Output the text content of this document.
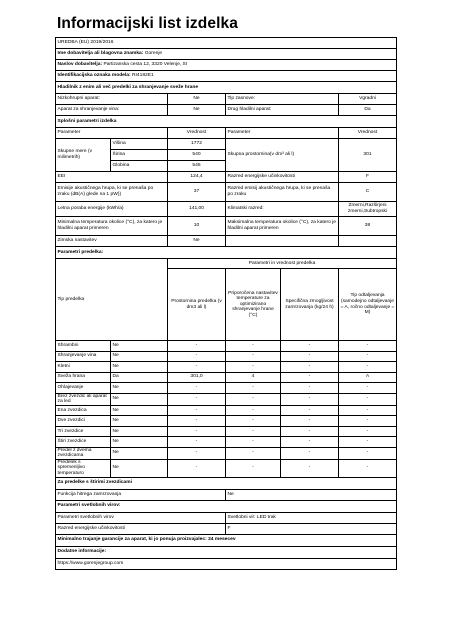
Informacijski list izdelka
UREDBA (EU) 2019/2016					
Ime dobavitelja ali blagovna znamka: Gorenje					
Naslov dobavitelja: Partizanska cesta 12, 3320 Velenje, SI					
Identifikacijska oznaka modela: RI4182E1					
Hladilnik z enim ali več predelki za shranjevanje sveže hrane					
Nizkohrupni aparat:		Ne	Tip zasnove:		Vgradni
Aparat za shranjevanje vina:		Ne	Drug hladilni aparat:		Da
Splošni parametri izdelka					
Parameter		Vrednost	Parameter		Vrednost
Skupne mere (v milimetrih)	Višina	1772	Skupna prostornina(v dm³ ali l)		301
	Širina	540			
	Globina	545			
EEI		124,4	Razred energijske učinkovitosti		F
Emisije akustičnega hrupa, ki se prenaša po zraku (dB(A) glede na 1 pW))		37	Razred emisij akustičnega hrupa, ki se prenaša po zraku		C
Letna poraba energije (kWh/a)		141,00	Klimatski razred:		Zmerni,Razširjeni zmerni,Subtropski
Minimalna temperatura okolice (°C), za katero je hladilni aparat primeren		10	Maksimalna temperatura okolice (°C), za katero je hladilni aparat primeren		38
Zimska nastavitev		Ne			
Parametri predelka:					
Tip predelka		Parametri in vrednost predelka			
		Prostornina predelka (v dm3 ali l)	Priporočena nastavitev temperature za optimizirano shranjevanje hrane (°C)	Specifična zmogljivost zamrzovanja (kg/24 h)	Tip odtaljevanja (samodejno odtaljevanje = A, ročno odtaljevanje = M)
Shrambni	Ne	-	-	-	-
Shranjevanje vina	Ne	-	-	-	-
Kletni	Ne	-	-	-	-
Sveža hrana	Da	301,0	4	-	A
Ohlajevanje	Ne	-	-	-	-
Brez zvezdic ali aparat za led	Ne	-	-	-	-
Ena zvezdica	Ne	-	-	-	-
Dve zvezdici	Ne	-	-	-	-
Tri zvezdice	Ne	-	-	-	-
Štiri zvezdice	Ne	-	-	-	-
Predel z dvema zvezdicama	Ne	-	-	-	-
Predelek s spremenljivo temperaturo	Ne	-	-	-	-
Za predelke s štirimi zvezdicami					
Funkcija hitrega zamrzovanja			Ne		
Parametri svetlobnih virov:					
Parametri svetlobnih virov			Svetlobni vir: LED trak		
Razred energijske učinkovitosti			F		
Minimalno trajanje garancije za aparat, ki jo ponuja proizvajalec: 24 mesecev					
Dodatne informacije:					
https://www.gorenjegroup.com					
